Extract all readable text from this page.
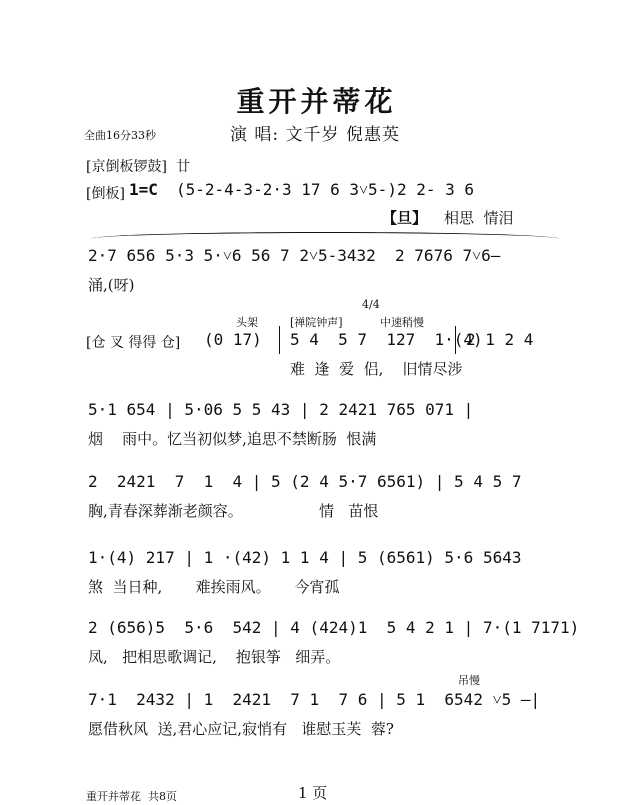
重开并蒂花
全曲16分33秒	演 唱: 文千岁 倪惠英
[京倒板锣鼓] 廿
[倒板] 1=C (5-2-4-3-2·3 17 6 3˅5-)2 2- 3 6
【旦】 相思  情泪
2·7 656 5·3 5·˅6 56 7 2˅5-3432  2 7676 7˅6—
涌,(呀)
头架	[禅院钟声]
4/4
中速稍慢
[仓 叉 得得 仓] (0 17) 5 4  5 7  127  1·(4)
2 1 2 4
难  逢  爱  侣,    旧情尽涉
5·1 654 | 5·06 5 5 43 | 2 2421 765 071 |
烟    雨中。忆当初似梦,追思不禁断肠  恨满
2  2421  7  1  4 | 5 (2 4 5·7 6561) | 5 4 5 7
胸,青春深葬渐老颜容。                情   苗恨
1·(4) 217 | 1 ·(42) 1 1 4 | 5 (6561) 5·6 5643
煞  当日种,       难挨雨风。     今宵孤
2 (656)5  5·6  542 | 4 (424)1  5 4 2 1 | 7·(1 7171)
凤,   把相思歌调记,    抱银筝   细弄。
吊慢
7·1  2432 | 1  2421  7 1  7 6 | 5 1  6542 ˅5 —|
愿借秋风  送,君心应记,寂悄有   谁慰玉芙  蓉?
重开并蒂花  共8页	1 页
